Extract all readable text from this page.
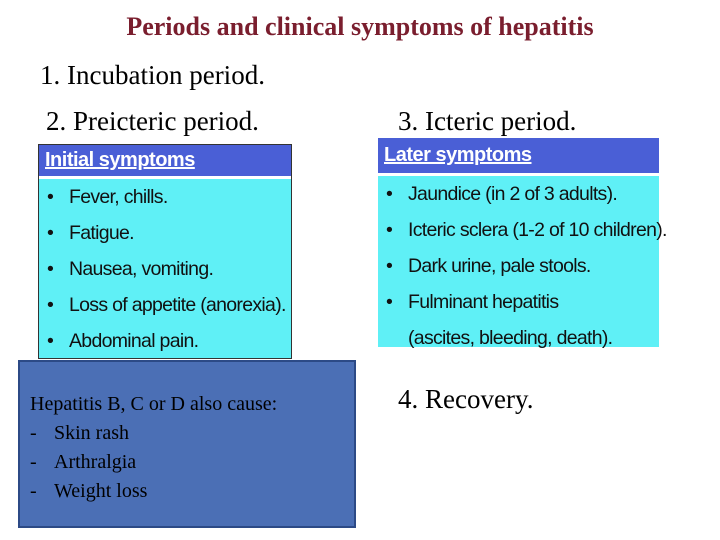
Periods and clinical symptoms of hepatitis
1. Incubation period.
2. Preicteric period.	3. Icteric period.
4. Recovery.
Initial symptoms
• Fever, chills.
• Fatigue.
• Nausea, vomiting.
• Loss of appetite (anorexia).
• Abdominal pain.
Later symptoms
• Jaundice (in 2 of 3 adults).
• Icteric sclera (1-2 of 10 children).
• Dark urine, pale stools.
• Fulminant hepatitis
(ascites, bleeding, death).
Hepatitis B, C or D also cause:
- Skin rash
- Arthralgia
- Weight loss
